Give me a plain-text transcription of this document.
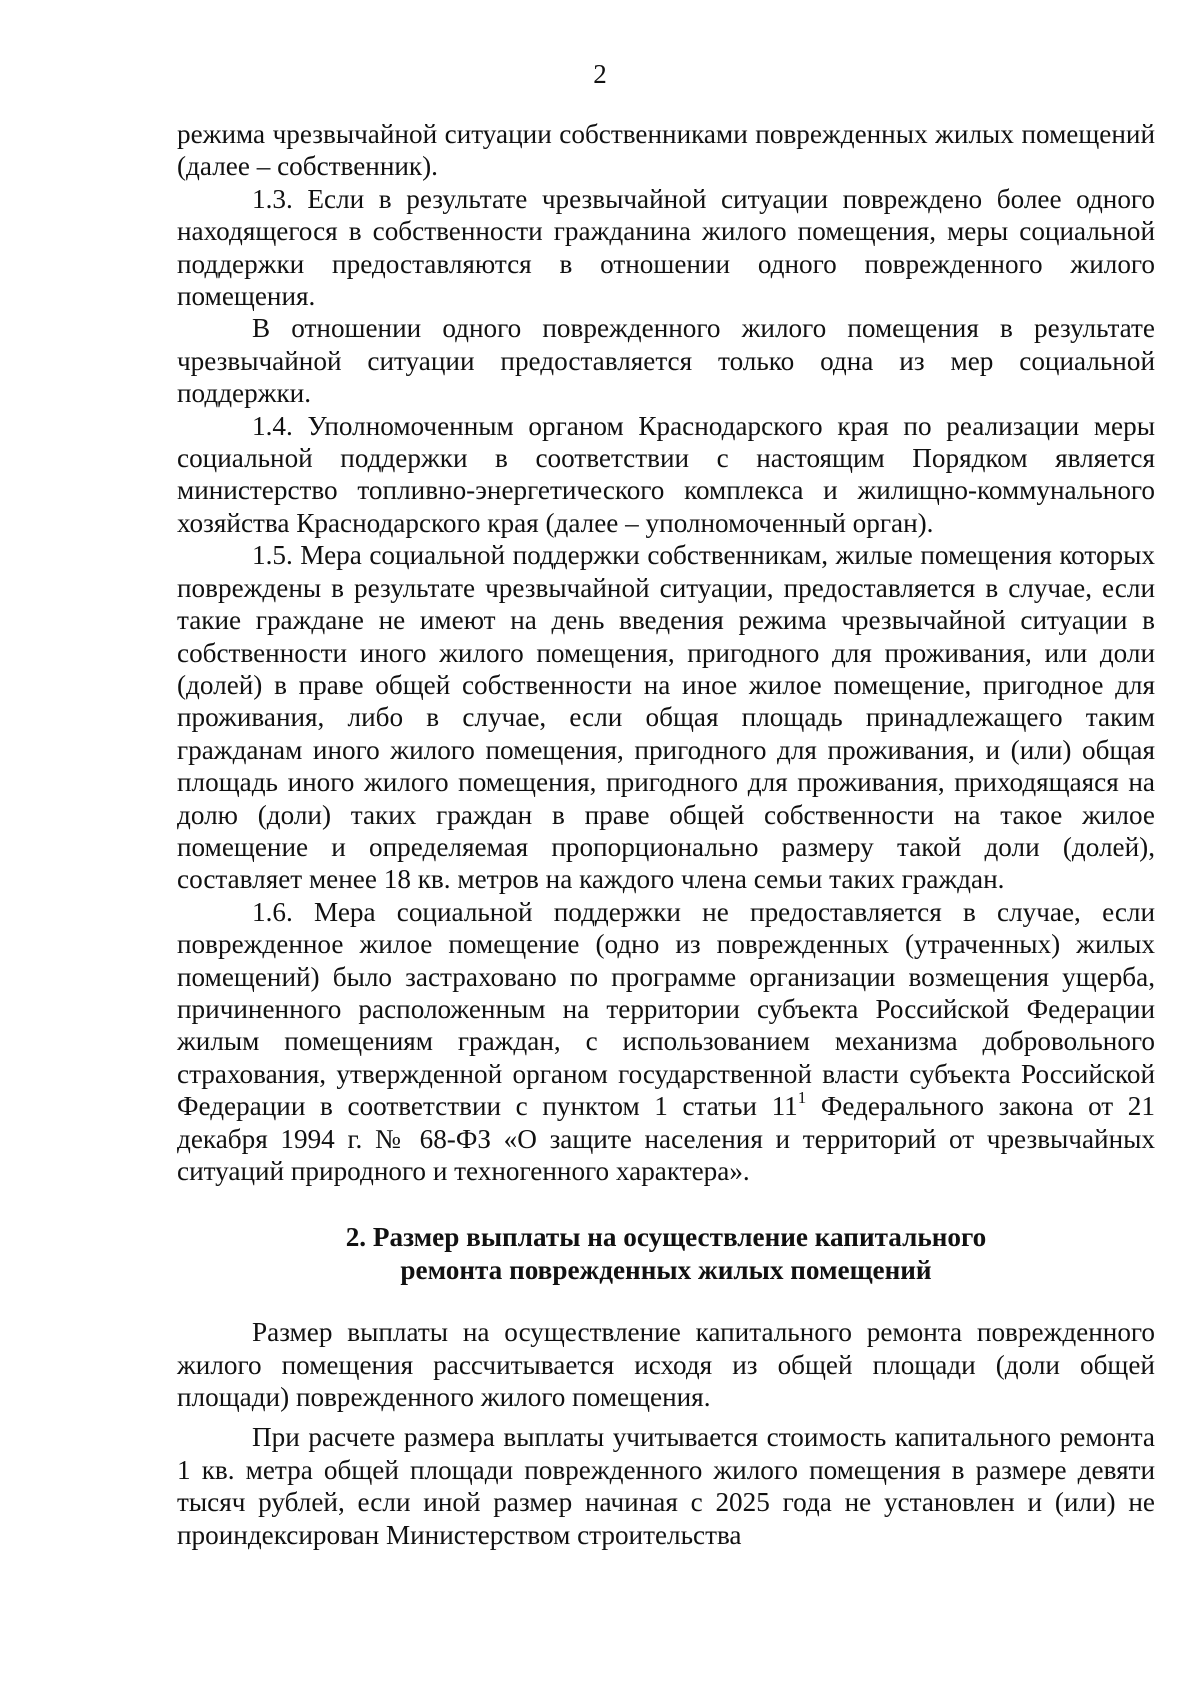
2

режима чрезвычайной ситуации собственниками поврежденных жилых помещений (далее – собственник).

1.3. Если в результате чрезвычайной ситуации повреждено более одного находящегося в собственности гражданина жилого помещения, меры социальной поддержки предоставляются в отношении одного поврежденного жилого помещения.

В отношении одного поврежденного жилого помещения в результате чрезвычайной ситуации предоставляется только одна из мер социальной поддержки.

1.4. Уполномоченным органом Краснодарского края по реализации меры социальной поддержки в соответствии с настоящим Порядком является министерство топливно-энергетического комплекса и жилищно-коммунального хозяйства Краснодарского края (далее – уполномоченный орган).

1.5. Мера социальной поддержки собственникам, жилые помещения которых повреждены в результате чрезвычайной ситуации, предоставляется в случае, если такие граждане не имеют на день введения режима чрезвычайной ситуации в собственности иного жилого помещения, пригодного для проживания, или доли (долей) в праве общей собственности на иное жилое помещение, пригодное для проживания, либо в случае, если общая площадь принадлежащего таким гражданам иного жилого помещения, пригодного для проживания, и (или) общая площадь иного жилого помещения, пригодного для проживания, приходящаяся на долю (доли) таких граждан в праве общей собственности на такое жилое помещение и определяемая пропорционально размеру такой доли (долей), составляет менее 18 кв. метров на каждого члена семьи таких граждан.

1.6. Мера социальной поддержки не предоставляется в случае, если поврежденное жилое помещение (одно из поврежденных (утраченных) жилых помещений) было застраховано по программе организации возмещения ущерба, причиненного расположенным на территории субъекта Российской Федерации жилым помещениям граждан, с использованием механизма добровольного страхования, утвержденной органом государственной власти субъекта Российской Федерации в соответствии с пунктом 1 статьи $11^1$ Федерального закона от 21 декабря 1994 г. № 68-ФЗ «О защите населения и территорий от чрезвычайных ситуаций природного и техногенного характера».

2. Размер выплаты на осуществление капитального
ремонта поврежденных жилых помещений

Размер выплаты на осуществление капитального ремонта поврежденного жилого помещения рассчитывается исходя из общей площади (доли общей площади) поврежденного жилого помещения.

При расчете размера выплаты учитывается стоимость капитального ремонта 1 кв. метра общей площади поврежденного жилого помещения в размере девяти тысяч рублей, если иной размер начиная с 2025 года не установлен и (или) не проиндексирован Министерством строительства
